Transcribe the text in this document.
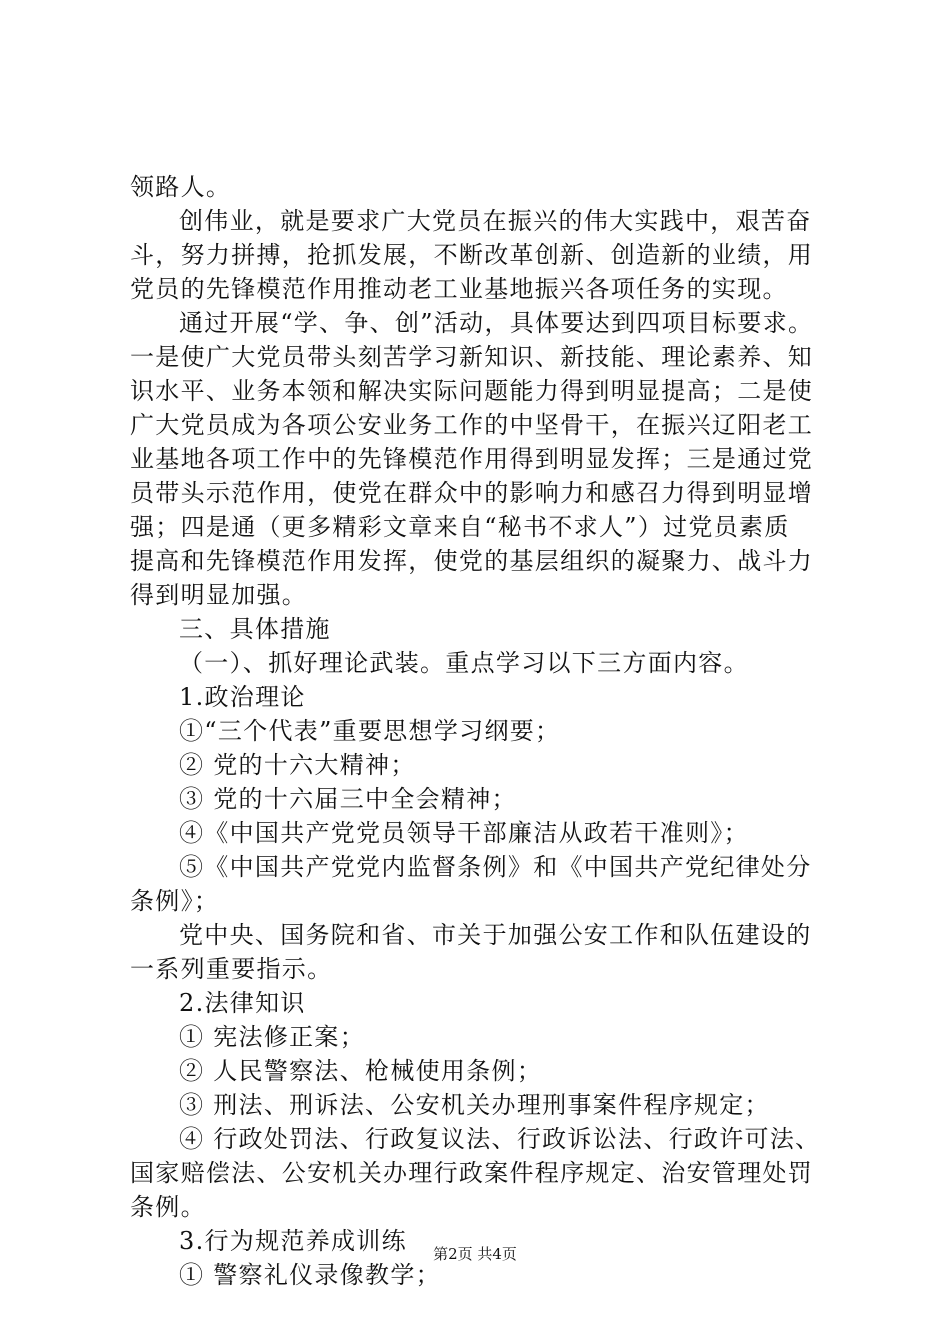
领路人。
创伟业，就是要求广大党员在振兴的伟大实践中，艰苦奋
斗，努力拼搏，抢抓发展，不断改革创新、创造新的业绩，用
党员的先锋模范作用推动老工业基地振兴各项任务的实现。
通过开展“学、争、创”活动，具体要达到四项目标要求。
一是使广大党员带头刻苦学习新知识、新技能、理论素养、知
识水平、业务本领和解决实际问题能力得到明显提高；二是使
广大党员成为各项公安业务工作的中坚骨干，在振兴辽阳老工
业基地各项工作中的先锋模范作用得到明显发挥；三是通过党
员带头示范作用，使党在群众中的影响力和感召力得到明显增
强；四是通（更多精彩文章来自“秘书不求人”）过党员素质
提高和先锋模范作用发挥，使党的基层组织的凝聚力、战斗力
得到明显加强。
三、具体措施
（一）、抓好理论武装。重点学习以下三方面内容。
1.政治理论
①“三个代表”重要思想学习纲要；
② 党的十六大精神；
③ 党的十六届三中全会精神；
④《中国共产党党员领导干部廉洁从政若干准则》；
⑤《中国共产党党内监督条例》和《中国共产党纪律处分
条例》；
党中央、国务院和省、市关于加强公安工作和队伍建设的
一系列重要指示。
2.法律知识
① 宪法修正案；
② 人民警察法、枪械使用条例；
③ 刑法、刑诉法、公安机关办理刑事案件程序规定；
④ 行政处罚法、行政复议法、行政诉讼法、行政许可法、
国家赔偿法、公安机关办理行政案件程序规定、治安管理处罚
条例。
3.行为规范养成训练
① 警察礼仪录像教学；
第2页 共4页
